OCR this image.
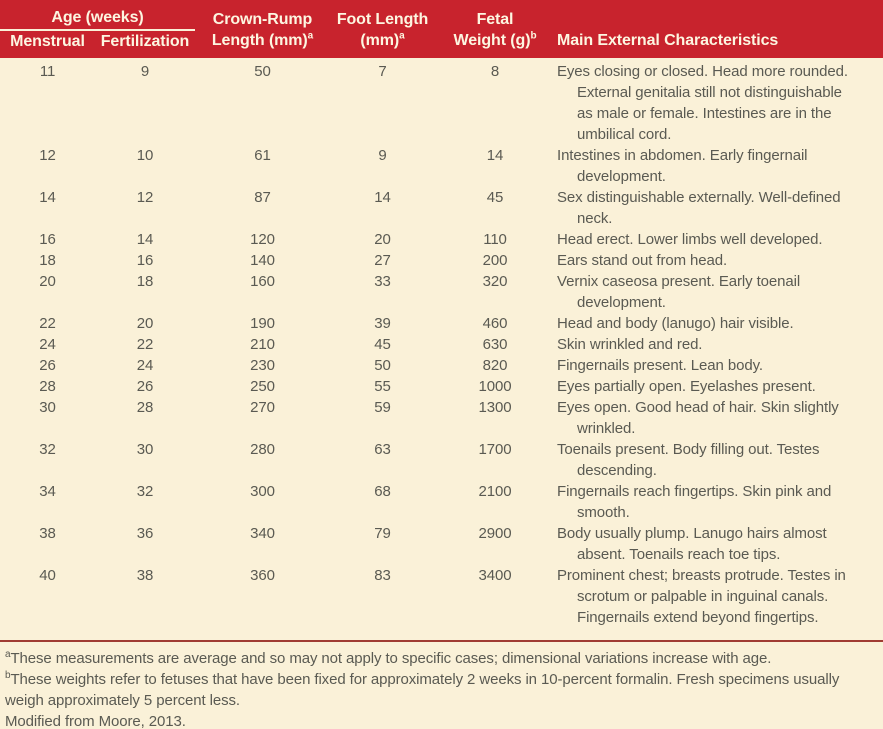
Age (weeks)		Crown-Rump	Foot Length	Fetal	
Menstrual	Fertilization	Length (mm)$^a$	(mm)$^a$	Weight $(g)^b$	Main External Characteristics
11	9	50	7	8	Eyes closing or closed. Head more rounded. External genitalia still not distinguishable as male or female. Intestines are in the umbilical cord.
12	10	61	9	14	Intestines in abdomen. Early fingernail development.
14	12	87	14	45	Sex distinguishable externally. Well-defined neck.
16	14	120	20	110	Head erect. Lower limbs well developed.
18	16	140	27	200	Ears stand out from head.
20	18	160	33	320	Vernix caseosa present. Early toenail development.
22	20	190	39	460	Head and body (lanugo) hair visible.
24	22	210	45	630	Skin wrinkled and red.
26	24	230	50	820	Fingernails present. Lean body.
28	26	250	55	1000	Eyes partially open. Eyelashes present.
30	28	270	59	1300	Eyes open. Good head of hair. Skin slightly wrinkled.
32	30	280	63	1700	Toenails present. Body filling out. Testes descending.
34	32	300	68	2100	Fingernails reach fingertips. Skin pink and smooth.
38	36	340	79	2900	Body usually plump. Lanugo hairs almost absent. Toenails reach toe tips.
40	38	360	83	3400	Prominent chest; breasts protrude. Testes in scrotum or palpable in inguinal canals. Fingernails extend beyond fingertips.

$^a$These measurements are average and so may not apply to specific cases; dimensional variations increase with age.

$^b$These weights refer to fetuses that have been fixed for approximately 2 weeks in 10-percent formalin. Fresh specimens usually weigh approximately 5 percent less.

Modified from Moore, 2013.
